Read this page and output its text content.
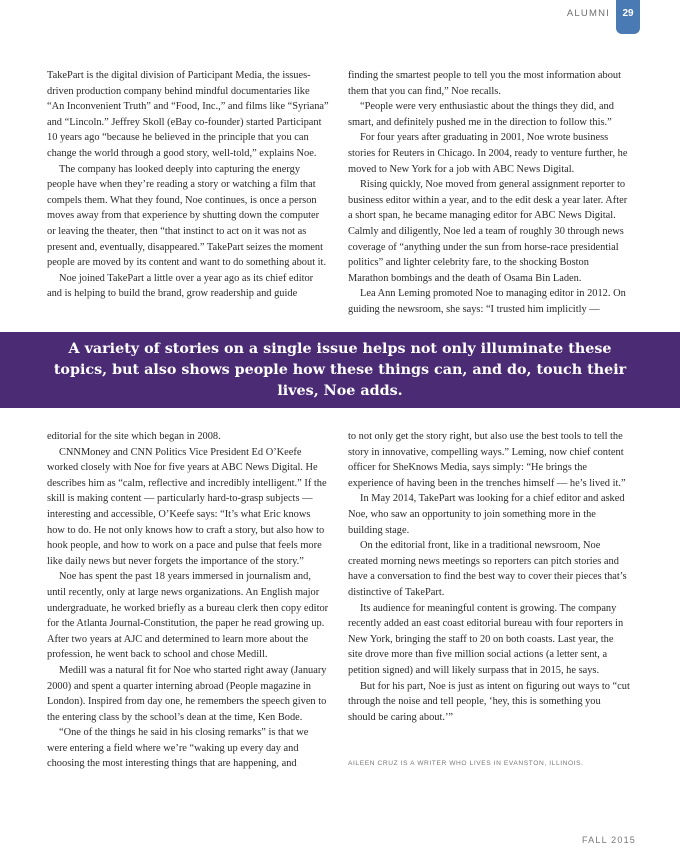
ALUMNI	29

TakePart is the digital division of Participant Media, the issues-driven production company behind mindful documentaries like “An Inconvenient Truth” and “Food, Inc.,” and films like “Syriana” and “Lincoln.” Jeffrey Skoll (eBay co-founder) started Participant 10 years ago “because he believed in the principle that you can change the world through a good story, well-told,” explains Noe.

The company has looked deeply into capturing the energy people have when they’re reading a story or watching a film that compels them. What they found, Noe continues, is once a person moves away from that experience by shutting down the computer or leaving the theater, then “that instinct to act on it was not as present and, eventually, disappeared.” TakePart seizes the moment people are moved by its content and want to do something about it.

Noe joined TakePart a little over a year ago as its chief editor and is helping to build the brand, grow readership and guide

finding the smartest people to tell you the most information about them that you can find,” Noe recalls.

“People were very enthusiastic about the things they did, and smart, and definitely pushed me in the direction to follow this.”

For four years after graduating in 2001, Noe wrote business stories for Reuters in Chicago. In 2004, ready to venture further, he moved to New York for a job with ABC News Digital.

Rising quickly, Noe moved from general assignment reporter to business editor within a year, and to the edit desk a year later. After a short span, he became managing editor for ABC News Digital. Calmly and diligently, Noe led a team of roughly 30 through news coverage of “anything under the sun from horse-race presidential politics” and lighter celebrity fare, to the shocking Boston Marathon bombings and the death of Osama Bin Laden.

Lea Ann Leming promoted Noe to managing editor in 2012. On guiding the newsroom, she says: “I trusted him implicitly —

A variety of stories on a single issue helps not only illuminate these topics, but also shows people how these things can, and do, touch their lives, Noe adds.

editorial for the site which began in 2008.

CNNMoney and CNN Politics Vice President Ed O’Keefe worked closely with Noe for five years at ABC News Digital. He describes him as “calm, reflective and incredibly intelligent.” If the skill is making content — particularly hard-to-grasp subjects — interesting and accessible, O’Keefe says: “It’s what Eric knows how to do. He not only knows how to craft a story, but also how to hook people, and how to work on a pace and pulse that feels more like daily news but never forgets the importance of the story.”

Noe has spent the past 18 years immersed in journalism and, until recently, only at large news organizations. An English major undergraduate, he worked briefly as a bureau clerk then copy editor for the Atlanta Journal-Constitution, the paper he read growing up. After two years at AJC and determined to learn more about the profession, he went back to school and chose Medill.

Medill was a natural fit for Noe who started right away (January 2000) and spent a quarter interning abroad (People magazine in London). Inspired from day one, he remembers the speech given to the entering class by the school’s dean at the time, Ken Bode.

“One of the things he said in his closing remarks” is that we were entering a field where we’re “waking up every day and choosing the most interesting things that are happening, and

to not only get the story right, but also use the best tools to tell the story in innovative, compelling ways.” Leming, now chief content officer for SheKnows Media, says simply: “He brings the experience of having been in the trenches himself — he’s lived it.”

In May 2014, TakePart was looking for a chief editor and asked Noe, who saw an opportunity to join something more in the building stage.

On the editorial front, like in a traditional newsroom, Noe created morning news meetings so reporters can pitch stories and have a conversation to find the best way to cover their pieces that’s distinctive of TakePart.

Its audience for meaningful content is growing. The company recently added an east coast editorial bureau with four reporters in New York, bringing the staff to 20 on both coasts. Last year, the site drove more than five million social actions (a letter sent, a petition signed) and will likely surpass that in 2015, he says.

But for his part, Noe is just as intent on figuring out ways to “cut through the noise and tell people, ‘hey, this is something you should be caring about.’”

AILEEN CRUZ IS A WRITER WHO LIVES IN EVANSTON, ILLINOIS.
FALL 2015
